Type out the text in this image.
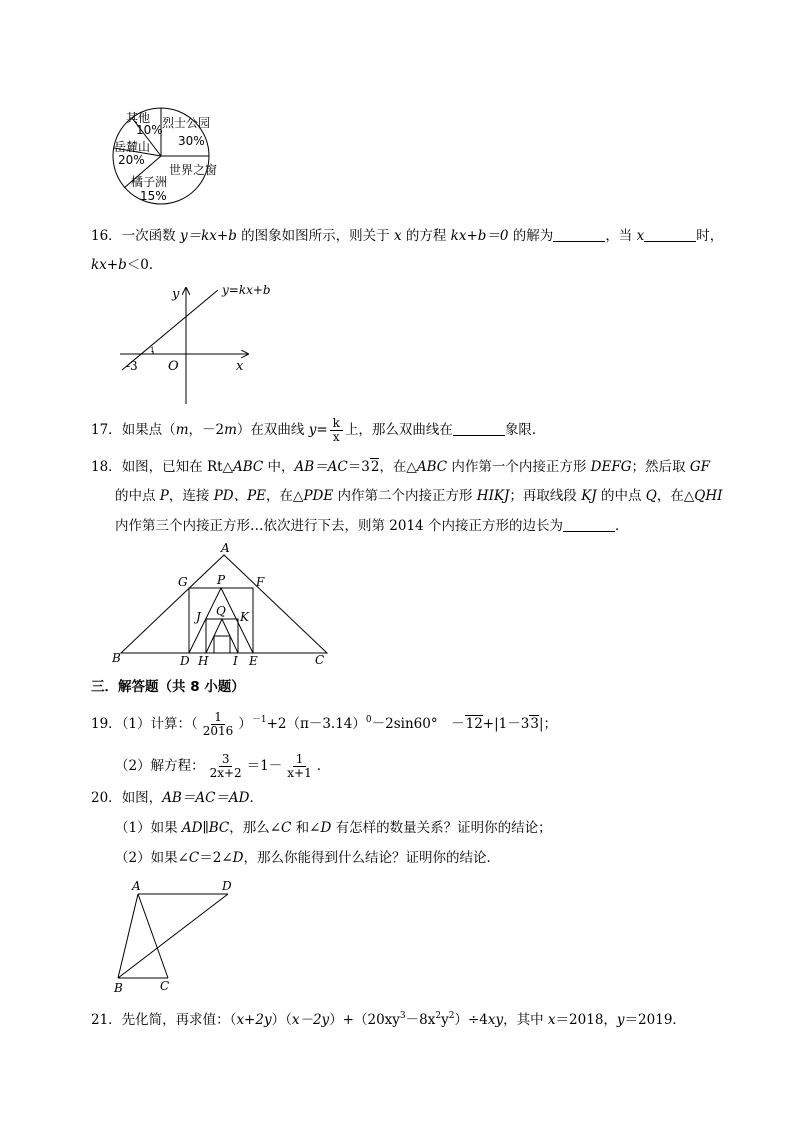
其他
10% 烈士公园
30%
岳麓山
20%
世界之窗
橘子洲
15%
16．一次函数 y＝kx+b 的图象如图所示，则关于 x 的方程 kx+b＝0 的解为	，当 x	时，
kx+b＜0．
y=kx+b
y
x
O
-3
1
17．如果点（m，－2m）在双曲线 $y= \frac{k}{x}$ 上，那么双曲线在	象限．
18．如图，已知在 Rt△ABC 中，AB＝AC＝32，在△ABC 内作第一个内接正方形 DEFG；然后取 GF
的中点 P，连接 PD、PE，在△PDE 内作第二个内接正方形 HIKJ；再取线段 KJ 的中点 Q，在△QHI
内作第三个内接正方形…依次进行下去，则第 2014 个内接正方形的边长为	．
A
G P	F
J Q K
B	D H I E	C
三．解答题（共 8 小题）
19．（1）计算：（ $\frac{1}{2016} )^{-1}+2(\pi-3.14)^0-2\sin 60^\circ$　－12+|1－33|；
（2）解方程： $\frac{3}{2x+2} =1- \frac{1}{x+1}$ ．
20．如图，AB＝AC＝AD．
（1）如果 AD∥BC，那么∠C 和∠D 有怎样的数量关系？证明你的结论；
（2）如果∠C＝2∠D，那么你能得到什么结论？证明你的结论．
A	D
B	C
21．先化简，再求值：$(x+2y)(x-2y)+(20xy^3-8x^2y^2)\div 4xy$，其中 x＝2018，y＝2019．
